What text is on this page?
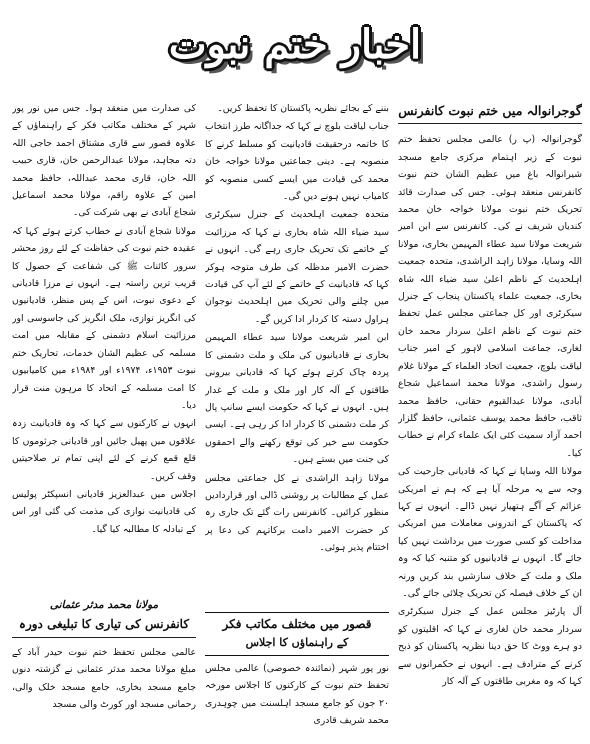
اخبار ختم نبوت
گوجرانوالہ میں ختم نبوت کانفرنس

گوجرانوالہ (پ ر) عالمی مجلس تحفظ ختم نبوت کے زیر اہتمام مرکزی جامع مسجد شیرانوالہ باغ میں عظیم الشان ختم نبوت کانفرنس منعقد ہوئی۔ جس کی صدارت قائد تحریک ختم نبوت مولانا خواجہ خان محمد کندیاں شریف نے کی۔ کانفرنس سے ابن امیر شریعت مولانا سید عطاء المہیمن بخاری، مولانا اللہ وسایا، مولانا زاہد الراشدی، متحدہ جمعیت اہلحدیث کے ناظم اعلیٰ سید ضیاء اللہ شاہ بخاری، جمعیت علماء پاکستان پنجاب کے جنرل سیکرٹری اور کل جماعتی مجلس عمل تحفظ ختم نبوت کے ناظم اعلیٰ سردار محمد خان لغاری، جماعت اسلامی لاہور کے امیر جناب لیاقت بلوچ، جمعیت اتحاد العلماء کے مولانا غلام رسول راشدی، مولانا محمد اسماعیل شجاع آبادی، مولانا عبدالقیوم حقانی، حافظ محمد ثاقب، حافظ محمد یوسف عثمانی، حافظ گلزار احمد آزاد سمیت کئی ایک علماء کرام نے خطاب کیا۔

مولانا اللہ وسایا نے کہا کہ قادیانی جارحیت کی وجہ سے یہ مرحلہ آیا ہے کہ ہم نے امریکی عزائم کے آگے ہتھیار نہیں ڈالے۔ انہوں نے کہا کہ پاکستان کے اندرونی معاملات میں امریکی مداخلت کو کسی صورت میں برداشت نہیں کیا جائے گا۔ انہوں نے قادیانیوں کو متنبہ کیا کہ وہ ملک و ملت کے خلاف سازشیں بند کریں ورنہ ان کے خلاف فیصلہ کن تحریک چلائی جائے گی۔

آل پارٹیز مجلس عمل کے جنرل سیکرٹری سردار محمد خان لغاری نے کہا کہ اقلیتوں کو دو ہرے ووٹ کا حق دینا نظریہ پاکستان کو ذبح کرنے کے مترادف ہے۔ انہوں نے حکمرانوں سے کہا کہ وہ مغربی طاقتوں کے آلہ کار

بننے کے بجائے نظریہ پاکستان کا تحفظ کریں۔

جناب لیاقت بلوچ نے کہا کہ جداگانہ طرز انتخاب کا خاتمہ درحقیقت قادیانیت کو مسلط کرنے کا منصوبہ ہے۔ دینی جماعتیں مولانا خواجہ خان محمد کی قیادت میں ایسے کسی منصوبہ کو کامیاب نہیں ہونے دیں گی۔

متحدہ جمعیت اہلحدیث کے جنرل سیکرٹری سید ضیاء اللہ شاہ بخاری نے کہا کہ مرزائیت کے خاتمے تک تحریک جاری رہے گی۔ انہوں نے حضرت الامیر مدظلہ کی طرف متوجہ ہوکر کہا کہ قادیانیت کے خاتمے کے لئے آپ کی قیادت میں چلنے والی تحریک میں اہلحدیث نوجوان ہراول دستہ کا کردار ادا کریں گے۔

ابن امیر شریعت مولانا سید عطاء المہیمن بخاری نے قادیانیوں کی ملک و ملت دشمنی کا پردہ چاک کرتے ہوئے کہا کہ قادیانی بیرونی طاقتوں کے آلہ کار اور ملک و ملت کے غدار ہیں۔ انہوں نے کہا کہ حکومت ایسے سانپ پال کر ملت دشمنی کا کردار ادا کر رہی ہے۔ ایسی حکومت سے خیر کی توقع رکھنے والے احمقوں کی جنت میں بستے ہیں۔

مولانا زاہد الراشدی نے کل جماعتی مجلس عمل کے مطالبات پر روشنی ڈالی اور قراردادیں منظور کرائیں۔ کانفرنس رات گئے تک جاری رہ کر حضرت الامیر دامت برکاتہم کی دعا پر اختتام پذیر ہوئی۔

قصور میں مختلف مکاتب فکر
کے راہنماؤں کا اجلاس

نور پور شہر (نمائندہ خصوصی) عالمی مجلس تحفظ ختم نبوت کے کارکنوں کا اجلاس مورخہ ۲۰ جون کو جامع مسجد اہلسنت میں چوہدری محمد شریف قادری

کی صدارت میں منعقد ہوا۔ جس میں نور پور شہر کے مختلف مکاتب فکر کے راہنماؤں کے علاوہ قصور سے قاری مشتاق احمد حاجی اللہ دتہ مجاہد، مولانا عبدالرحمن خان، قاری حبیب اللہ خان، قاری محمد عبداللہ، حافظ محمد امین کے علاوہ راقم، مولانا محمد اسماعیل شجاع آبادی نے بھی شرکت کی۔

مولانا شجاع آبادی نے خطاب کرتے ہوئے کہا کہ عقیدہ ختم نبوت کی حفاظت کے لئے روز محشر سرور کائنات ﷺ کی شفاعت کے حصول کا قریب ترین راستہ ہے۔ انہوں نے مرزا قادیانی کے دعوی نبوت، اس کے پس منظر، قادیانیوں کی انگریز نوازی، ملک انگریز کی جاسوسی اور مرزائیت اسلام دشمنی کے مقابلہ میں امت مسلمہ کی عظیم الشان خدمات، تحاریک ختم نبوت ۱۹۵۳ء، ۱۹۷۴ء اور ۱۹۸۴ء میں کامیابیوں کا امت مسلمہ کے اتحاد کا مرہون منت قرار دیا۔

انہوں نے کارکنوں سے کہا کہ وہ قادیانیت زدہ علاقوں میں پھیل جائیں اور قادیانی جرثوموں کا قلع قمع کرنے کے لئے اپنی تمام تر صلاحیتیں وقف کریں۔

اجلاس میں عبدالعزیز قادیانی انسپکٹر پولیس کی قادیانیت نوازی کی مذمت کی گئی اور اس کے تبادلہ کا مطالبہ کیا گیا۔

مولانا محمد مدثر عثمانی
کانفرنس کی تیاری کا تبلیغی دورہ

عالمی مجلس تحفظ ختم نبوت حیدر آباد کے مبلغ مولانا محمد مدثر عثمانی نے گزشتہ دنوں جامع مسجد بخاری، جامع مسجد خلک والی، رحمانی مسجد اور کورٹ والی مسجد
